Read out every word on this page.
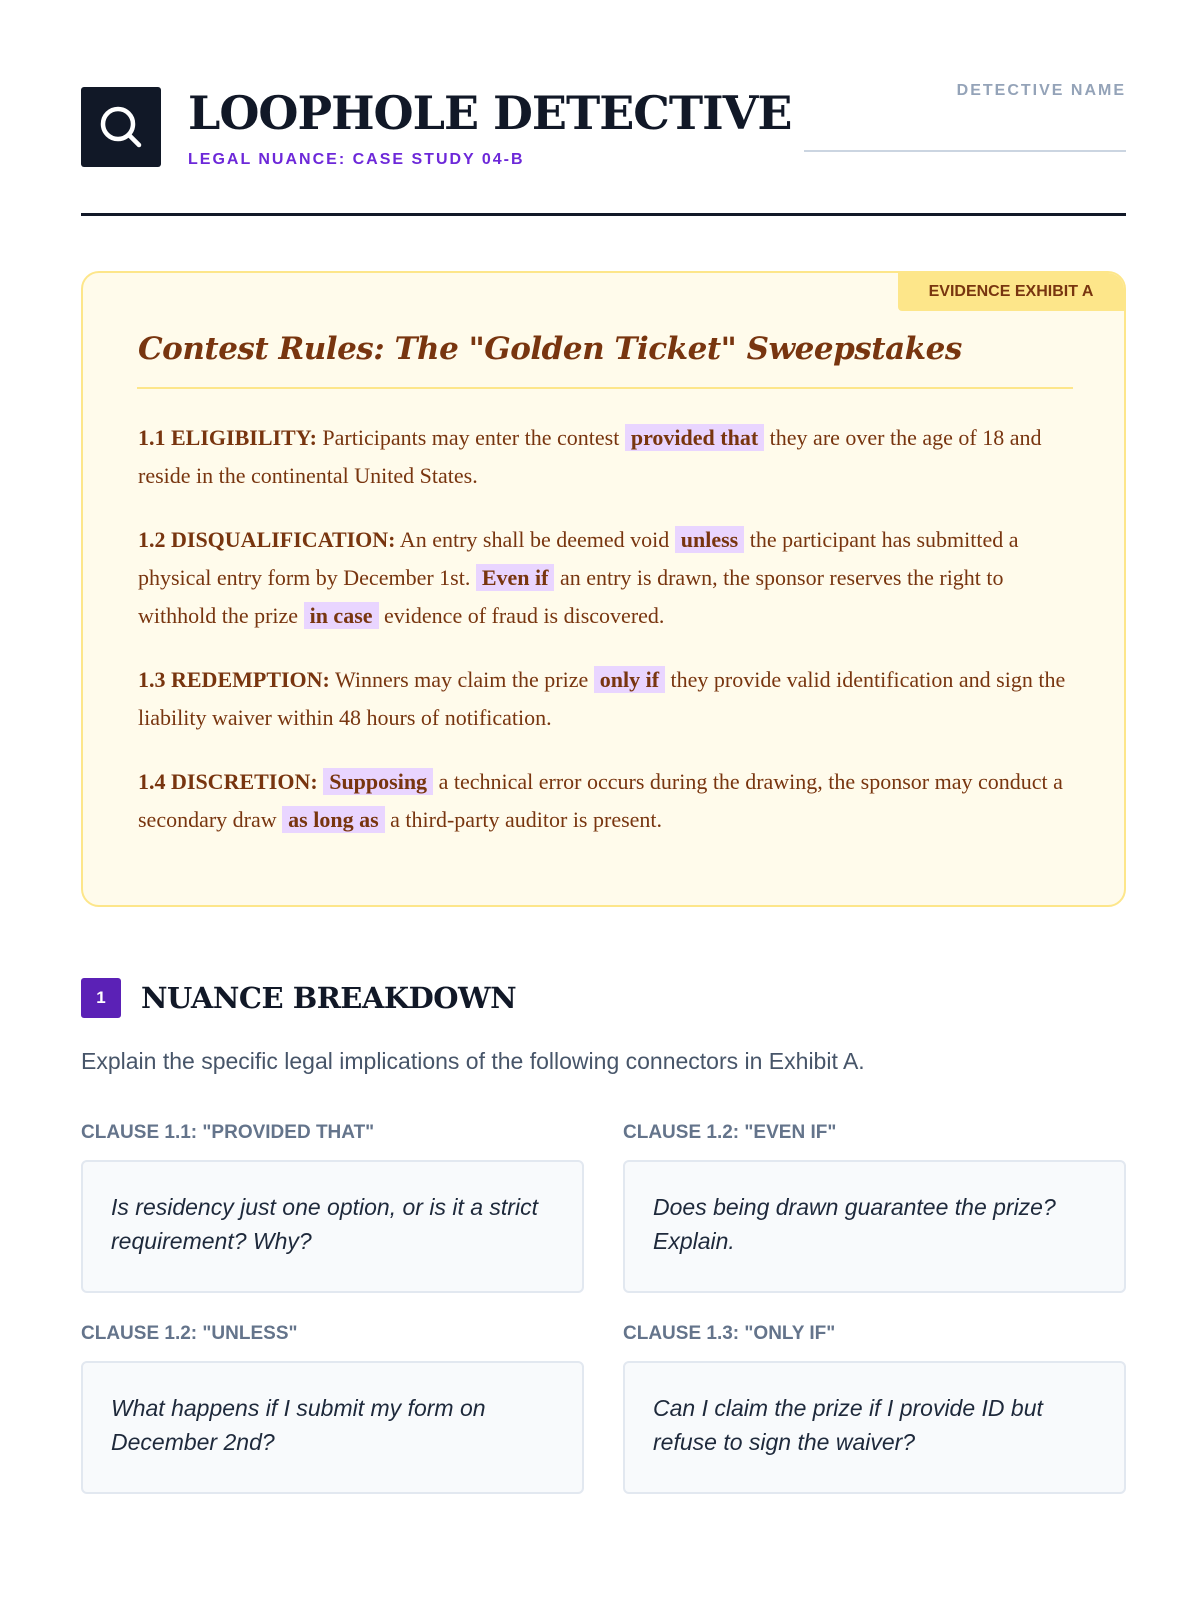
LOOPHOLE DETECTIVE
LEGAL NUANCE: CASE STUDY 04-B
DETECTIVE NAME
EVIDENCE EXHIBIT A
Contest Rules: The "Golden Ticket" Sweepstakes

1.1 ELIGIBILITY: Participants may enter the contest provided that they are over the age of 18 and reside in the continental United States.

1.2 DISQUALIFICATION: An entry shall be deemed void unless the participant has submitted a physical entry form by December 1st. Even if an entry is drawn, the sponsor reserves the right to withhold the prize in case evidence of fraud is discovered.

1.3 REDEMPTION: Winners may claim the prize only if they provide valid identification and sign the liability waiver within 48 hours of notification.

1.4 DISCRETION: Supposing a technical error occurs during the drawing, the sponsor may conduct a secondary draw as long as a third-party auditor is present.

1	NUANCE BREAKDOWN
Explain the specific legal implications of the following connectors in Exhibit A.
CLAUSE 1.1: "PROVIDED THAT"
Is residency just one option, or is it a strict requirement? Why?
CLAUSE 1.2: "EVEN IF"
Does being drawn guarantee the prize? Explain.
CLAUSE 1.2: "UNLESS"
What happens if I submit my form on December 2nd?
CLAUSE 1.3: "ONLY IF"
Can I claim the prize if I provide ID but refuse to sign the waiver?
